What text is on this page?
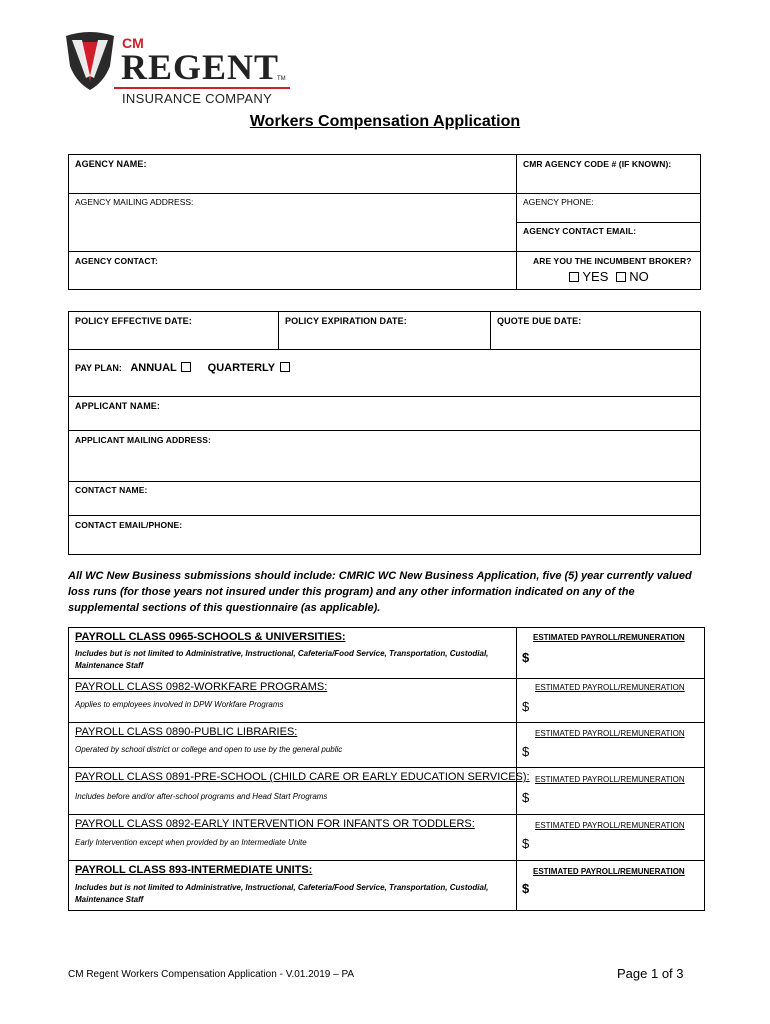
CM
REGENT
TM
INSURANCE COMPANY
Workers Compensation Application
AGENCY NAME:	CMR AGENCY CODE # (IF KNOWN):
AGENCY MAILING ADDRESS:	AGENCY PHONE:
AGENCY CONTACT EMAIL:
AGENCY CONTACT:	ARE YOU THE INCUMBENT BROKER?
YES NO
POLICY EFFECTIVE DATE:	POLICY EXPIRATION DATE:	QUOTE DUE DATE:
PAY PLAN: ANNUAL	QUARTERLY
APPLICANT NAME:
APPLICANT MAILING ADDRESS:
CONTACT NAME:
CONTACT EMAIL/PHONE:
All WC New Business submissions should include: CMRIC WC New Business Application, five (5) year currently valued loss runs (for those years not insured under this program) and any other information indicated on any of the supplemental sections of this questionnaire (as applicable).
PAYROLL CLASS 0965-SCHOOLS & UNIVERSITIES:
Includes but is not limited to Administrative, Instructional, Cafeteria/Food Service, Transportation, Custodial, Maintenance Staff
ESTIMATED PAYROLL/REMUNERATION
$
PAYROLL CLASS 0982-WORKFARE PROGRAMS:
Applies to employees involved in DPW Workfare Programs
ESTIMATED PAYROLL/REMUNERATION
$
PAYROLL CLASS 0890-PUBLIC LIBRARIES:
Operated by school district or college and open to use by the general public
ESTIMATED PAYROLL/REMUNERATION
$
PAYROLL CLASS 0891-PRE-SCHOOL (CHILD CARE OR EARLY EDUCATION SERVICES):
Includes before and/or after-school programs and Head Start Programs
ESTIMATED PAYROLL/REMUNERATION
$
PAYROLL CLASS 0892-EARLY INTERVENTION FOR INFANTS OR TODDLERS:
Early Intervention except when provided by an Intermediate Unite
ESTIMATED PAYROLL/REMUNERATION
$
PAYROLL CLASS 893-INTERMEDIATE UNITS:
Includes but is not limited to Administrative, Instructional, Cafeteria/Food Service, Transportation, Custodial, Maintenance Staff
ESTIMATED PAYROLL/REMUNERATION
$
CM Regent Workers Compensation Application - V.01.2019 – PA	Page 1 of 3
